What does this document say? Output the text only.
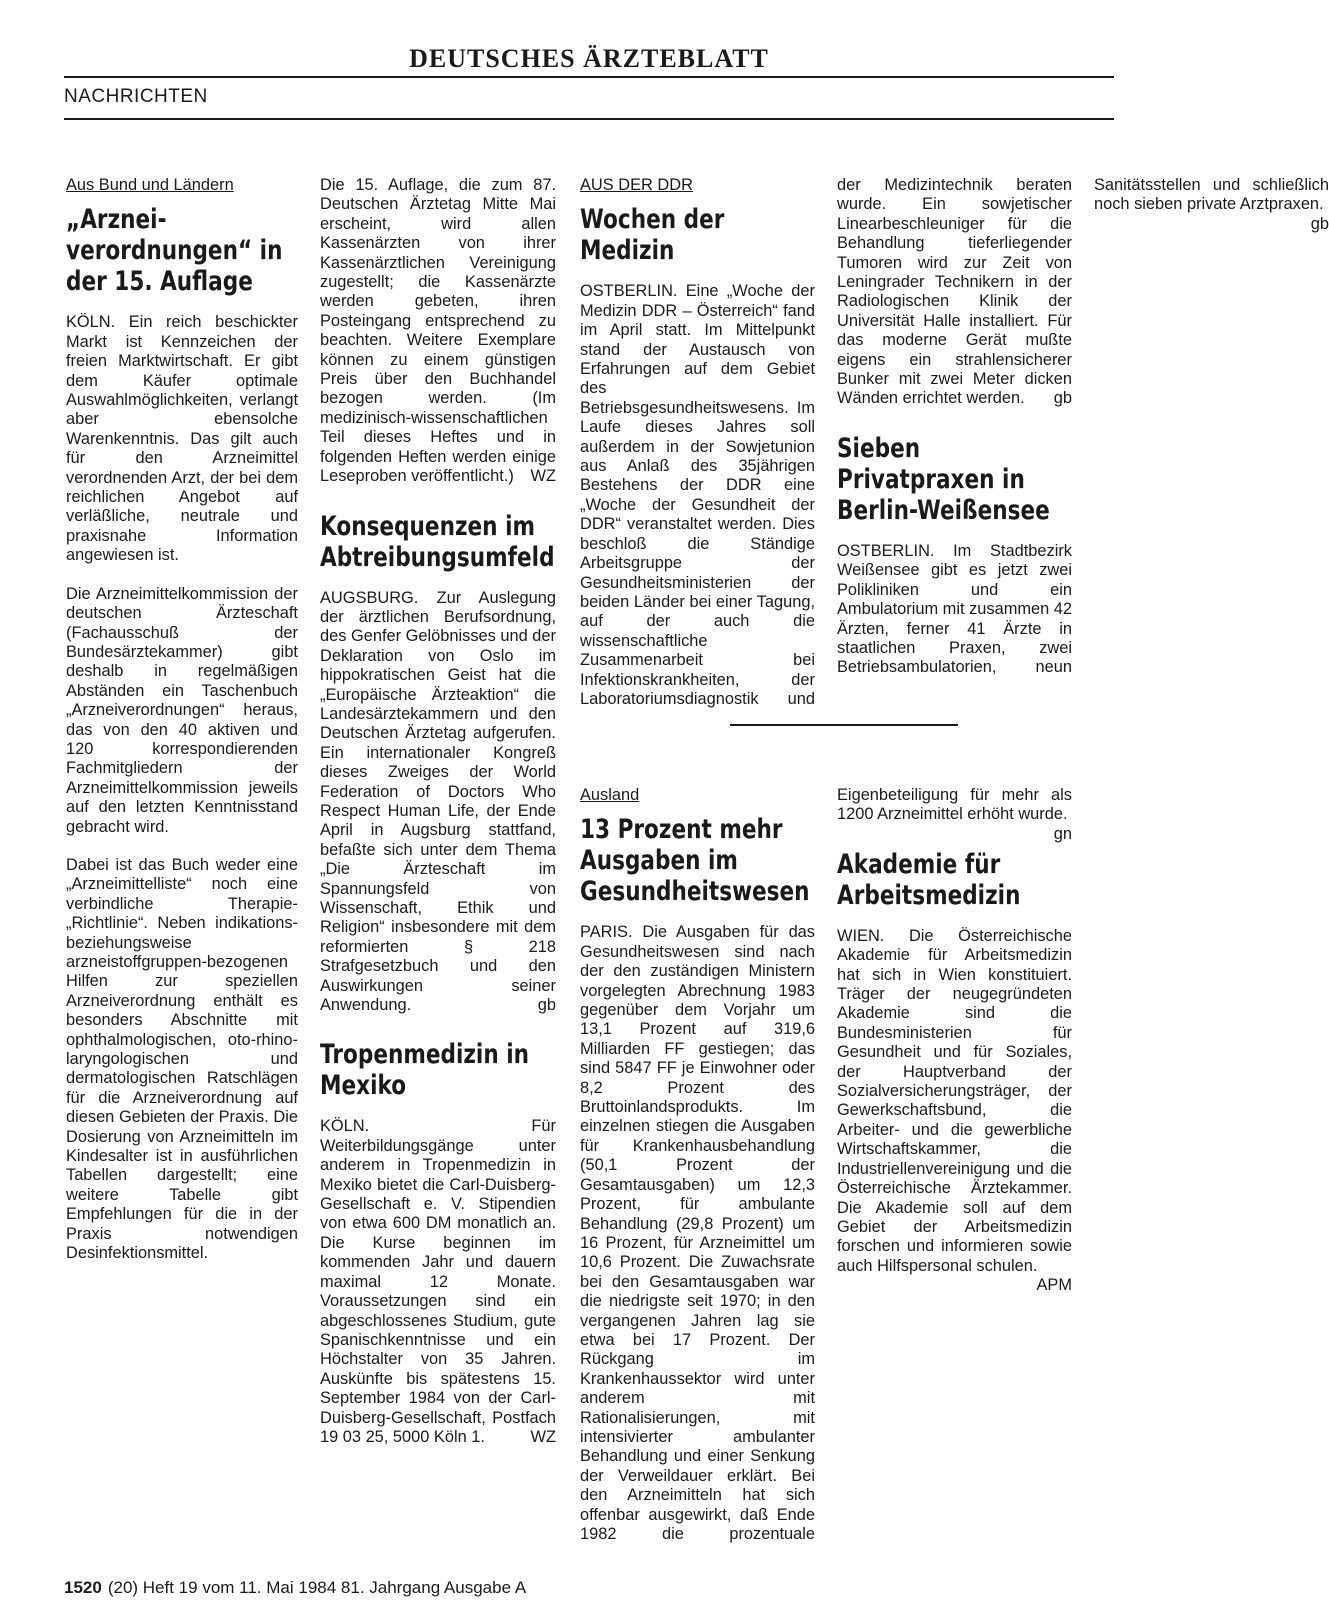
DEUTSCHES ÄRZTEBLATT
NACHRICHTEN
Aus Bund und Ländern
„Arznei-verordnungen“ in der 15. Auflage

KÖLN. Ein reich beschickter Markt ist Kennzeichen der freien Marktwirtschaft. Er gibt dem Käufer optimale Auswahlmöglichkeiten, verlangt aber ebensolche Warenkenntnis. Das gilt auch für den Arzneimittel verordnenden Arzt, der bei dem reichlichen Angebot auf verläßliche, neutrale und praxisnahe Information angewiesen ist.

Die Arzneimittelkommission der deutschen Ärzteschaft (Fachausschuß der Bundesärztekammer) gibt deshalb in regelmäßigen Abständen ein Taschenbuch „Arzneiverordnungen“ heraus, das von den 40 aktiven und 120 korrespondierenden Fachmitgliedern der Arzneimittelkommission jeweils auf den letzten Kenntnisstand gebracht wird.

Dabei ist das Buch weder eine „Arzneimittelliste“ noch eine verbindliche Therapie-„Richtlinie“. Neben indikations- beziehungsweise arzneistoffgruppen-bezogenen Hilfen zur speziellen Arzneiverordnung enthält es besonders Abschnitte mit ophthalmologischen, oto-rhino-laryngologischen und dermatologischen Ratschlägen für die Arzneiverordnung auf diesen Gebieten der Praxis. Die Dosierung von Arzneimitteln im Kindesalter ist in ausführlichen Tabellen dargestellt; eine weitere Tabelle gibt Empfehlungen für die in der Praxis notwendigen Desinfektionsmittel.

Die 15. Auflage, die zum 87. Deutschen Ärztetag Mitte Mai erscheint, wird allen Kassenärzten von ihrer Kassenärztlichen Vereinigung zugestellt; die Kassenärzte werden gebeten, ihren Posteingang entsprechend zu beachten. Weitere Exemplare können zu einem günstigen Preis über den Buchhandel bezogen werden. (Im medizinisch-wissenschaftlichen Teil dieses Heftes und in folgenden Heften werden einige Leseproben veröffentlicht.) WZ

Konsequenzen im Abtreibungsumfeld

AUGSBURG. Zur Auslegung der ärztlichen Berufsordnung, des Genfer Gelöbnisses und der Deklaration von Oslo im hippokratischen Geist hat die „Europäische Ärzteaktion“ die Landesärztekammern und den Deutschen Ärztetag aufgerufen. Ein internationaler Kongreß dieses Zweiges der World Federation of Doctors Who Respect Human Life, der Ende April in Augsburg stattfand, befaßte sich unter dem Thema „Die Ärzteschaft im Spannungsfeld von Wissenschaft, Ethik und Religion“ insbesondere mit dem reformierten § 218 Strafgesetzbuch und den Auswirkungen seiner Anwendung.	gb

Tropenmedizin in Mexiko

KÖLN. Für Weiterbildungsgänge unter anderem in Tropenmedizin in Mexiko bietet die Carl-Duisberg-Gesellschaft e. V. Stipendien von etwa 600 DM monatlich an. Die Kurse beginnen im kommenden Jahr und dauern maximal 12 Monate. Voraussetzungen sind ein abgeschlossenes Studium, gute Spanischkenntnisse und ein Höchstalter von 35 Jahren. Auskünfte bis spätestens 15. September 1984 von der Carl-Duisberg-Gesellschaft, Postfach 19 03 25, 5000 Köln 1.	WZ

AUS DER DDR
Wochen der Medizin

OSTBERLIN. Eine „Woche der Medizin DDR – Österreich“ fand im April statt. Im Mittelpunkt stand der Austausch von Erfahrungen auf dem Gebiet des Betriebsgesundheitswesens. Im Laufe dieses Jahres soll außerdem in der Sowjetunion aus Anlaß des 35jährigen Bestehens der DDR eine „Woche der Gesundheit der DDR“ veranstaltet werden. Dies beschloß die Ständige Arbeitsgruppe der Gesundheitsministerien der beiden Länder bei einer Tagung, auf der auch die wissenschaftliche Zusammenarbeit bei Infektionskrankheiten, der Laboratoriumsdiagnostik und der Medizintechnik beraten wurde. Ein sowjetischer Linearbeschleuniger für die Behandlung tieferliegender Tumoren wird zur Zeit von Leningrader Technikern in der Radiologischen Klinik der Universität Halle installiert. Für das moderne Gerät mußte eigens ein strahlensicherer Bunker mit zwei Meter dicken Wänden errichtet werden. gb

Sieben Privatpraxen in Berlin-Weißensee

OSTBERLIN. Im Stadtbezirk Weißensee gibt es jetzt zwei Polikliniken und ein Ambulatorium mit zusammen 42 Ärzten, ferner 41 Ärzte in staatlichen Praxen, zwei Betriebsambulatorien, neun Sanitätsstellen und schließlich noch sieben private Arztpraxen.
gb

Ausland
13 Prozent mehr Ausgaben im Gesundheitswesen

PARIS. Die Ausgaben für das Gesundheitswesen sind nach der den zuständigen Ministern vorgelegten Abrechnung 1983 gegenüber dem Vorjahr um 13,1 Prozent auf 319,6 Milliarden FF gestiegen; das sind 5847 FF je Einwohner oder 8,2 Prozent des Bruttoinlandsprodukts. Im einzelnen stiegen die Ausgaben für Krankenhausbehandlung (50,1 Prozent der Gesamtausgaben) um 12,3 Prozent, für ambulante Behandlung (29,8 Prozent) um 16 Prozent, für Arzneimittel um 10,6 Prozent. Die Zuwachsrate bei den Gesamtausgaben war die niedrigste seit 1970; in den vergangenen Jahren lag sie etwa bei 17 Prozent. Der Rückgang im Krankenhaussektor wird unter anderem mit Rationalisierungen, mit intensivierter ambulanter Behandlung und einer Senkung der Verweildauer erklärt. Bei den Arzneimitteln hat sich offenbar ausgewirkt, daß Ende 1982 die prozentuale Eigenbeteiligung für mehr als 1200 Arzneimittel erhöht wurde.
gn

Akademie für Arbeitsmedizin

WIEN. Die Österreichische Akademie für Arbeitsmedizin hat sich in Wien konstituiert. Träger der neugegründeten Akademie sind die Bundesministerien für Gesundheit und für Soziales, der Hauptverband der Sozialversicherungsträger, der Gewerkschaftsbund, die Arbeiter- und die gewerbliche Wirtschaftskammer, die Industriellenvereinigung und die Österreichische Ärztekammer. Die Akademie soll auf dem Gebiet der Arbeitsmedizin forschen und informieren sowie auch Hilfspersonal schulen.
APM

1520 (20) Heft 19 vom 11. Mai 1984 81. Jahrgang Ausgabe A
